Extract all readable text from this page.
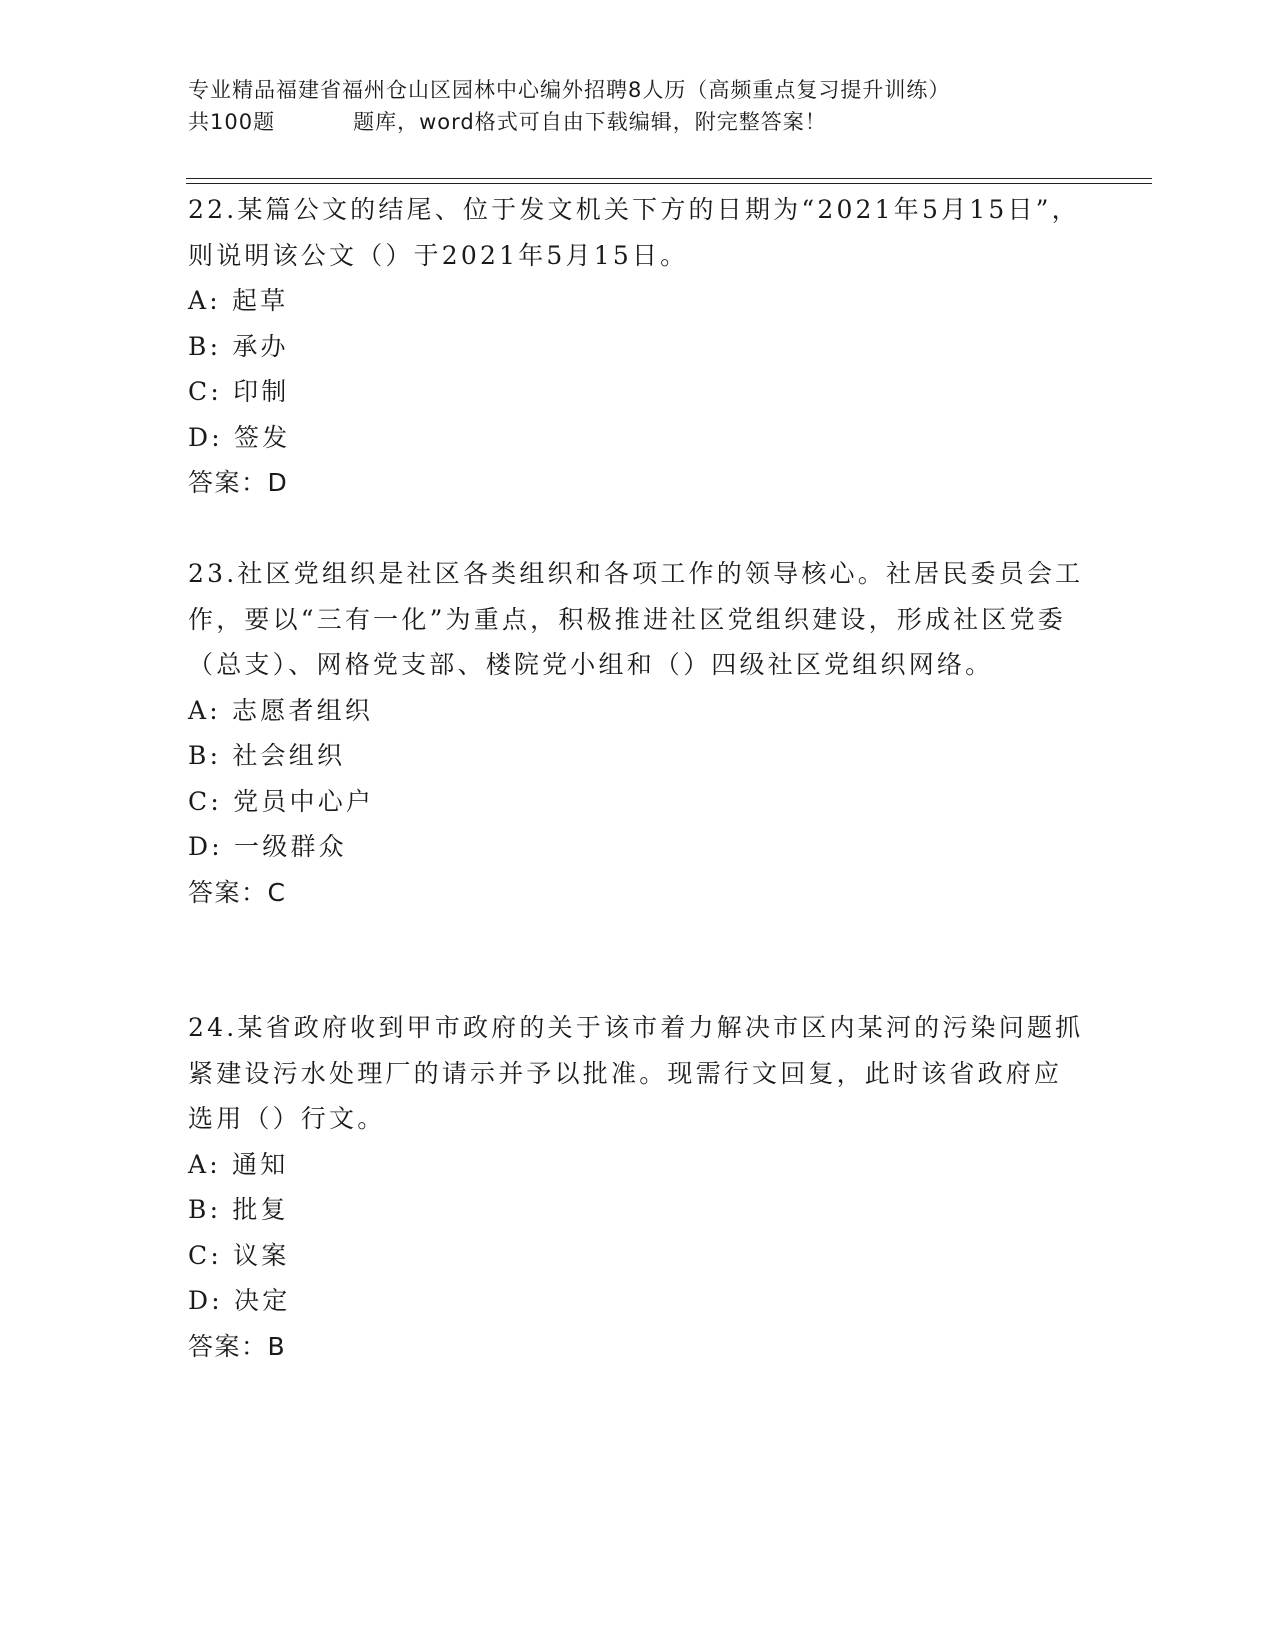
专业精品福建省福州仓山区园林中心编外招聘8人历（高频重点复习提升训练）
共100题	题库，word格式可自由下载编辑，附完整答案！
22.某篇公文的结尾、位于发文机关下方的日期为“2021年5月15日”，则说明该公文（）于2021年5月15日。
A: 起草
B: 承办
C: 印制
D: 签发
答案：D
23.社区党组织是社区各类组织和各项工作的领导核心。社居民委员会工作，要以“三有一化”为重点，积极推进社区党组织建设，形成社区党委（总支）、网格党支部、楼院党小组和（）四级社区党组织网络。
A: 志愿者组织
B: 社会组织
C: 党员中心户
D: 一级群众
答案：C
24.某省政府收到甲市政府的关于该市着力解决市区内某河的污染问题抓紧建设污水处理厂的请示并予以批准。现需行文回复，此时该省政府应选用（）行文。
A: 通知
B: 批复
C: 议案
D: 决定
答案：B
